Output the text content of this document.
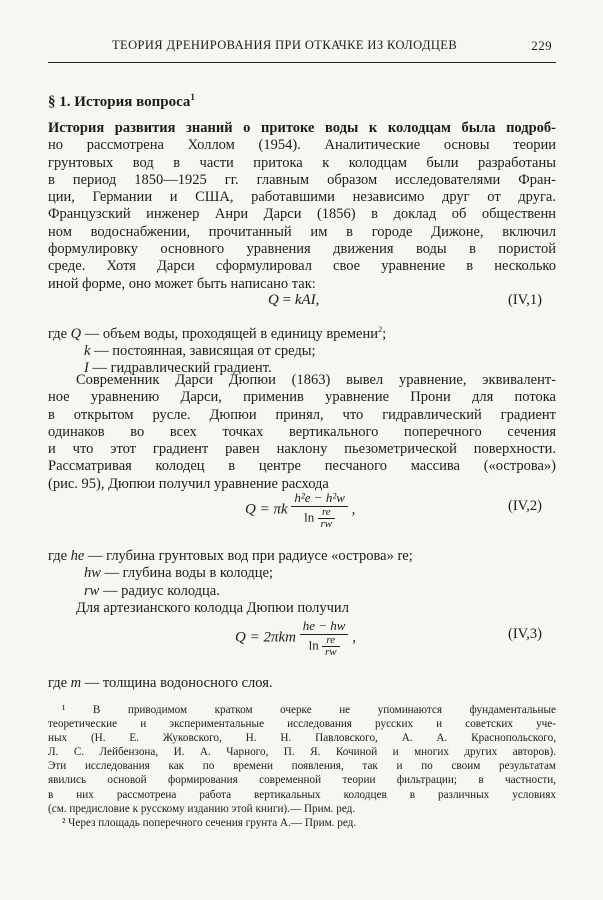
ТЕОРИЯ ДРЕНИРОВАНИЯ ПРИ ОТКАЧКЕ ИЗ КОЛОДЦЕВ	229
§ 1. История вопроса$^1$
История развития знаний о притоке воды к колодцам была подроб-
но рассмотрена Холлом (1954). Аналитические основы теории
грунтовых вод в части притока к колодцам были разработаны
в период 1850—1925 гг. главным образом исследователями Фран-
ции, Германии и США, работавшими независимо друг от друга.
Французский инженер Анри Дарси (1856) в доклад об общественн
ном водоснабжении, прочитанный им в городе Дижоне, включил
формулировку основного уравнения движения воды в пористой
среде. Хотя Дарси сформулировал свое уравнение в несколько
иной форме, оно может быть написано так:
Q = kAI,	(IV,1)
где Q — объем воды, проходящей в единицу времени$^2$;
k — постоянная, зависящая от среды;
I — гидравлический градиент.
Современник Дарси Дюпюи (1863) вывел уравнение, эквивалент-
ное уравнению Дарси, применив уравнение Прони для потока
в открытом русле. Дюпюи принял, что гидравлический градиент
одинаков во всех точках вертикального поперечного сечения
и что этот градиент равен наклону пьезометрической поверхности.
Рассматривая колодец в центре песчаного массива («острова»)
(рис. 95), Дюпюи получил уравнение расхода
Q = πk $\frac{\text{h²e − h²w}}{\ln \frac{re}{rw}}$ ,	(IV,2)
где he — глубина грунтовых вод при радиусе «острова» re;
hw — глубина воды в колодце;
rw — радиус колодца.
Для артезианского колодца Дюпюи получил
$Q = 2\pi km \frac{he - hw}{\ln \frac{re}{rw}}$ ,	(IV,3)
где m — толщина водоносного слоя.
¹ В приводимом кратком очерке не упоминаются фундаментальные
теоретические и экспериментальные исследования русских и советских уче-
ных (Н. Е. Жуковского, Н. Н. Павловского, А. А. Краснопольского,
Л. С. Лейбензона, И. А. Чарного, П. Я. Кочиной и многих других авторов).
Эти исследования как по времени появления, так и по своим результатам
явились основой формирования современной теории фильтрации; в частности,
в них рассмотрена работа вертикальных колодцев в различных условиях
(см. предисловие к русскому изданию этой книги).— Прим. ред.
² Через площадь поперечного сечения грунта A.— Прим. ред.
